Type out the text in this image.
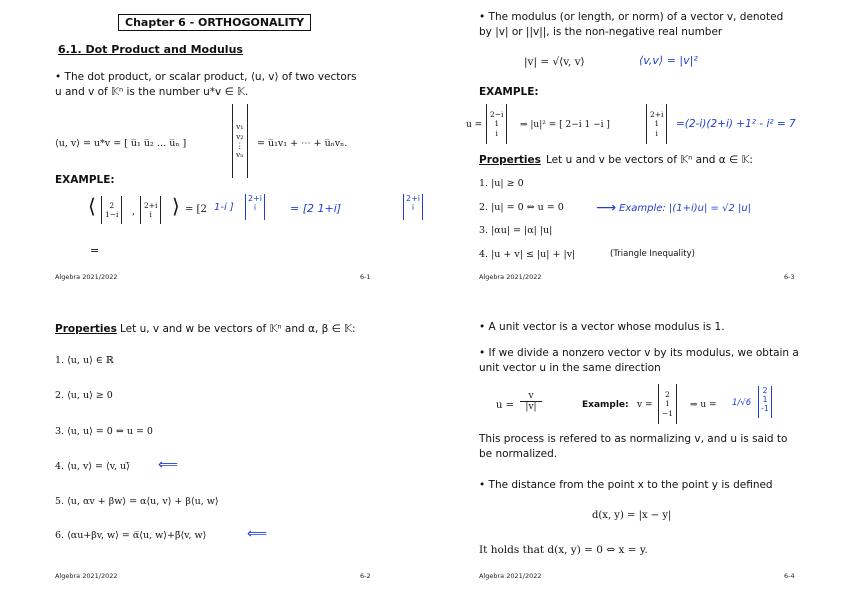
Chapter 6 - ORTHOGONALITY
6.1. Dot Product and Modulus
• The dot product, or scalar product, ⟨u, v⟩ of two vectors
u and v of 𝕂ⁿ is the number u*v ∈ 𝕂.
⟨u, v⟩ = u*v = [ u̅₁ u̅₂ … u̅ₙ ]
v₁
v₂
⋮
vₙ
= u̅₁v₁ + ⋯ + u̅ₙvₙ.
EXAMPLE:
⟨ 2
1−i ,
2+i
i ⟩ = [2 1-i ]
2+i
i	= [2 1+i]
2+i
i
=
Algebra 2021/2022	6-1
• The modulus (or length, or norm) of a vector v, denoted
by |v| or ||v||, is the non-negative real number
|v| = √⟨v, v⟩	⟨v,v⟩ = |v|²
EXAMPLE:
u =
2−i
1
i
⇒ |u|² = [ 2−i 1 −i ]
2+i
1
i
=(2-i)(2+i) +1² - i² = 7
Properties Let u and v be vectors of 𝕂ⁿ and α ∈ 𝕂:
1. |u| ≥ 0
2. |u| = 0 ⇔ u = 0 ⟶ Example: |(1+i)u| = √2 |u|
3. |αu| = |α| |u|
4. |u + v| ≤ |u| + |v|	(Triangle Inequality)
Algebra 2021/2022	6-3
Properties Let u, v and w be vectors of 𝕂ⁿ and α, β ∈ 𝕂:
1. ⟨u, u⟩ ∈ ℝ
2. ⟨u, u⟩ ≥ 0
3. ⟨u, u⟩ = 0 ⇔ u = 0
4. ⟨u, v⟩ = ⟨v, u⟩̅ ⟸
5. ⟨u, αv + βw⟩ = α⟨u, v⟩ + β⟨u, w⟩
6. ⟨αu+βv, w⟩ = α̅⟨u, w⟩+β̅⟨v, w⟩	⟸
Algebra 2021/2022	6-2
• A unit vector is a vector whose modulus is 1.
• If we divide a nonzero vector v by its modulus, we obtain a
unit vector u in the same direction
$u = \frac{v}{|v|}$	Example: v =
2
1
−1
⇒ u = 1/√6
2
1
-1
This process is refered to as normalizing v, and u is said to
be normalized.
• The distance from the point x to the point y is defined
d(x, y) = |x − y|
It holds that d(x, y) = 0 ⇔ x = y.
Algebra 2021/2022	6-4
